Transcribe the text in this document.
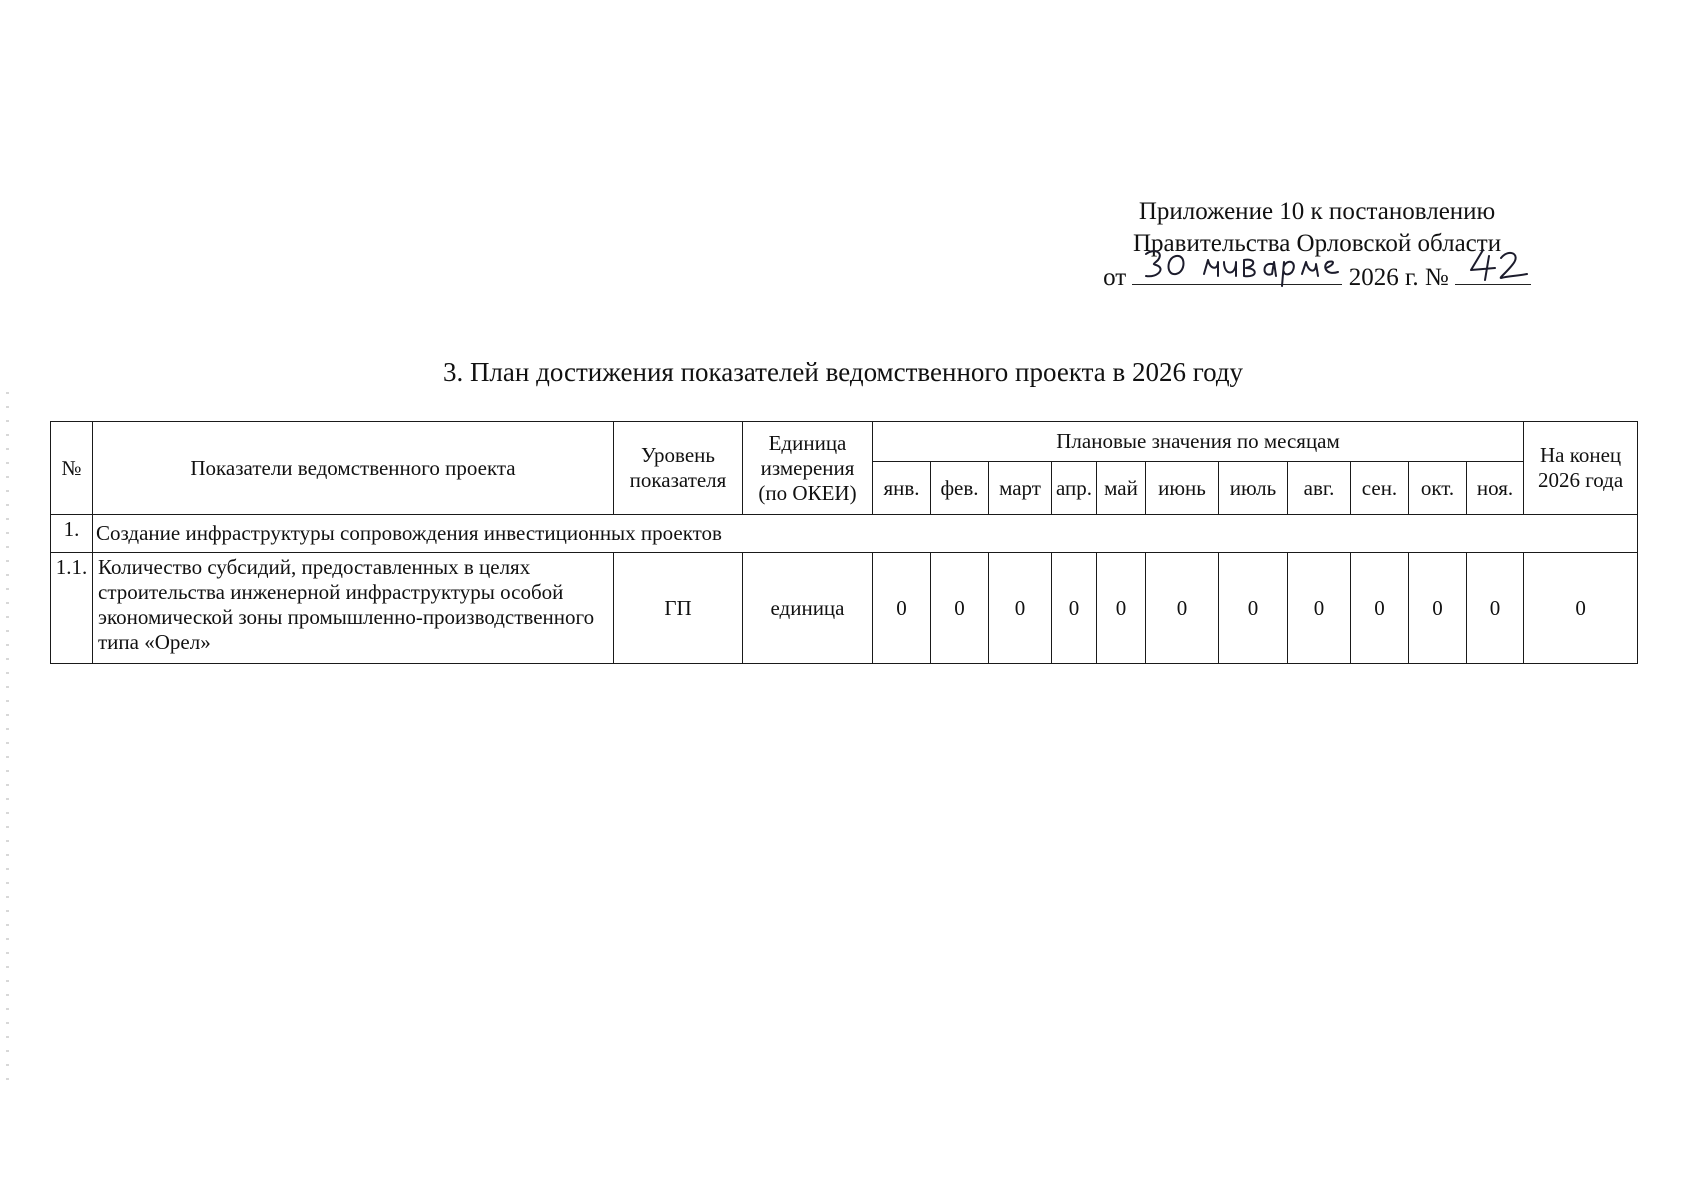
Приложение 10 к постановлению
Правительства Орловской области
от	2026 г. №
3. План достижения показателей ведомственного проекта в 2026 году
№	Показатели ведомственного проекта	Уровень показателя	Единица измерения (по ОКЕИ)	Плановые значения по месяцам											На конец 2026 года
				янв.	фев.	март	апр.	май	июнь	июль	авг.	сен.	окт.	ноя.	
1.	Создание инфраструктуры сопровождения инвестиционных проектов														
1.1.	Количество субсидий, предоставленных в целях строительства инженерной инфраструктуры особой экономической зоны промышленно-производственного типа «Орел»	ГП	единица	0	0	0	0	0	0	0	0	0	0	0	0
